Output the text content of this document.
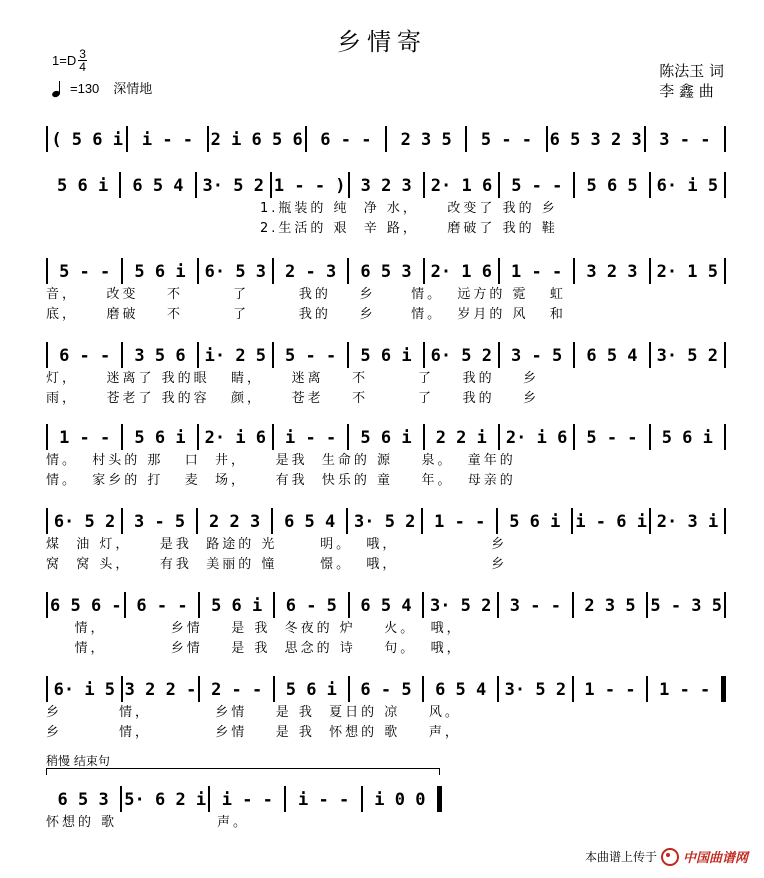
乡情寄
$1=D \frac{3}{4}$
=130 深情地
陈法玉 词
李 鑫 曲
( 5 6 i	i - -	2 i 6 5 6	6 - -	2 3 5	5 - -	6 5 3 2 3	3 - -
5 6 i	6 5 4	3· 5 2 1 - - ) 3 2 3	2· 1 6	5 - -	5 6 5	6· i 5
1.瓶装的 纯  净 水，    改变了 我的 乡
2.生活的 艰  辛 路，    磨破了 我的 鞋
5 - -	5 6 i	6· 5 3	2 - 3	6 5 3	2· 1 6	1 - -	3 2 3	2· 1 5
音，    改变    不       了       我的    乡     情。  远方的 霓   虹
底，    磨破    不       了       我的    乡     情。  岁月的 风   和
6 - -	3 5 6	i· 2 5	5 - -	5 6 i	6· 5 2	3 - 5	6 5 4	3· 5 2
灯，    迷离了 我的眼   睛，    迷离    不       了    我的    乡
雨，    苍老了 我的容   颜，    苍老    不       了    我的    乡
1 - -	5 6 i	2· i 6	i - -	5 6 i	2 2 i	2· i 6	5 - -	5 6 i
情。  村头的 那   口  井，    是我  生命的 源    泉。  童年的
情。  家乡的 打   麦  场，    有我  快乐的 童    年。  母亲的
6· 5 2	3 - 5	2 2 3	6 5 4	3· 5 2	1 - -	5 6 i i - 6 i 2· 3 i
煤  油 灯，    是我  路途的 光      明。  哦，             乡
窝  窝 头，    有我  美丽的 憧      憬。  哦，             乡
6 5 6 - 6 - -	5 6 i	6 - 5	6 5 4	3· 5 2	3 - -	2 3 5 5 - 3 5
情，         乡情    是 我  冬夜的 炉    火。  哦，
情，         乡情    是 我  思念的 诗    句。  哦，
6· i 5 3 2 2 - 2 - -	5 6 i	6 - 5	6 5 4	3· 5 2	1 - -	1 - -
乡        情，         乡情    是 我  夏日的 凉    风。
乡        情，         乡情    是 我  怀想的 歌    声，
6 5 3 5· 6 2 i i - -	i - -	i 0 0
怀想的 歌              声。
稍慢 结束句
本曲谱上传于 中国曲谱网
